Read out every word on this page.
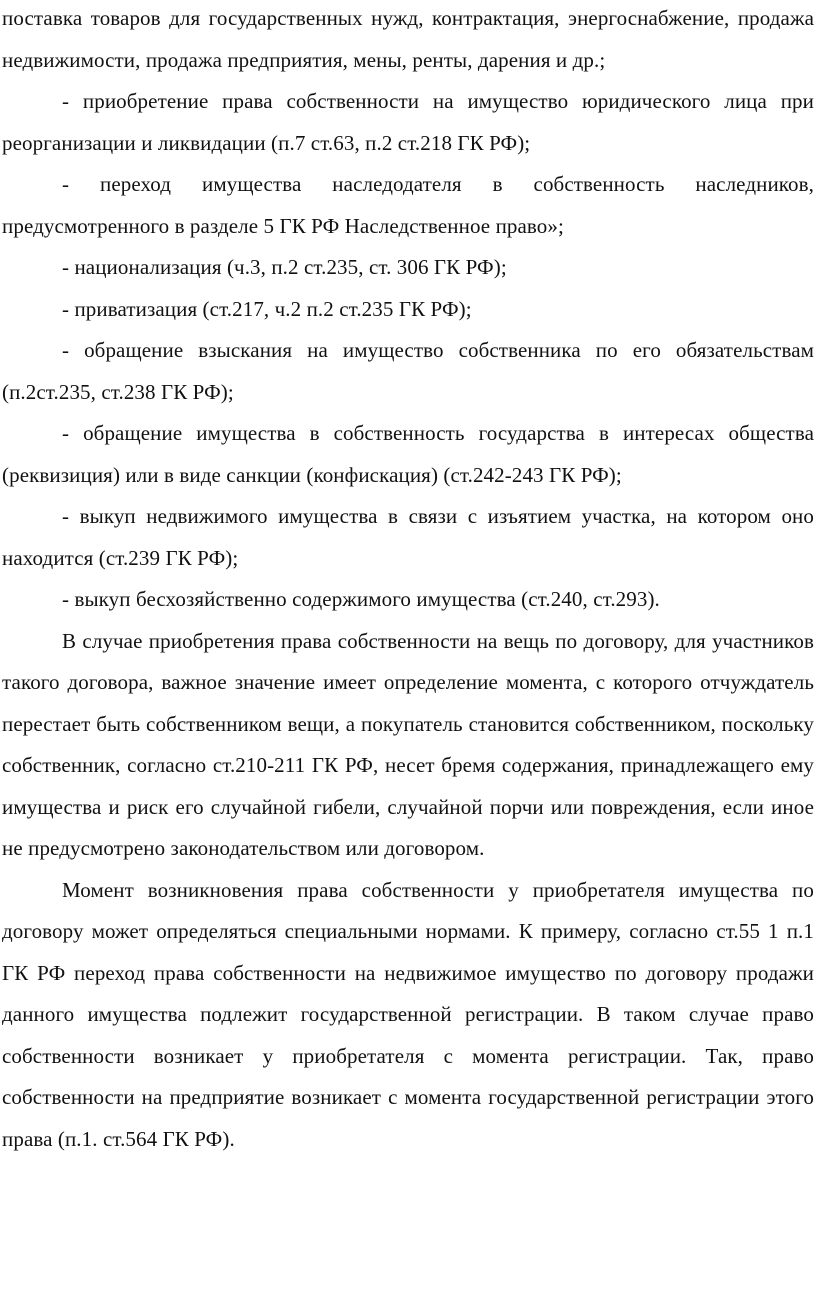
поставка товаров для государственных нужд, контрактация, энергоснабжение, продажа недвижимости, продажа предприятия, мены, ренты, дарения и др.;

- приобретение права собственности на имущество юридического лица при реорганизации и ликвидации (п.7 ст.63, п.2 ст.218 ГК РФ);

- переход имущества наследодателя в собственность наследников, предусмотренного в разделе 5 ГК РФ Наследственное право»;

- национализация (ч.3, п.2 ст.235, ст. 306 ГК РФ);

- приватизация (ст.217, ч.2 п.2 ст.235 ГК РФ);

- обращение взыскания на имущество собственника по его обязательствам (п.2ст.235, ст.238 ГК РФ);

- обращение имущества в собственность государства в интересах общества (реквизиция) или в виде санкции (конфискация) (ст.242-243 ГК РФ);

- выкуп недвижимого имущества в связи с изъятием участка, на котором оно находится (ст.239 ГК РФ);

- выкуп бесхозяйственно содержимого имущества (ст.240, ст.293).

В случае приобретения права собственности на вещь по договору, для участников такого договора, важное значение имеет определение момента, с которого отчуждатель перестает быть собственником вещи, а покупатель становится собственником, поскольку собственник, согласно ст.210-211 ГК РФ, несет бремя содержания, принадлежащего ему имущества и риск его случайной гибели, случайной порчи или повреждения, если иное не предусмотрено законодательством или договором.

Момент возникновения права собственности у приобретателя имущества по договору может определяться специальными нормами. К примеру, согласно ст.55 1 п.1 ГК РФ переход права собственности на недвижимое имущество по договору продажи данного имущества подлежит государственной регистрации. В таком случае право собственности возникает у приобретателя с момента регистрации. Так, право собственности на предприятие возникает с момента государственной регистрации этого права (п.1. ст.564 ГК РФ).
